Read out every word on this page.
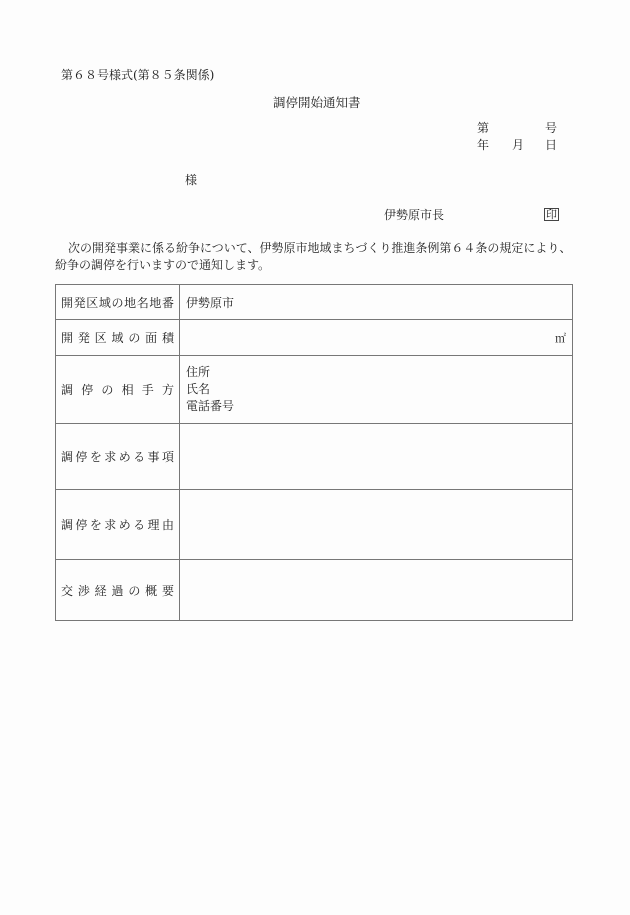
第６８号様式(第８５条関係)
調停開始通知書
第	号
年 月 日
様
伊勢原市長	印
次の開発事業に係る紛争について、伊勢原市地域まちづくり推進条例第６４条の規定により、紛争の調停を行いますので通知します。
開発区域の地名地番	伊勢原市
開発区域の面積	㎡

調停の相手方	住所
氏名
電話番号

調停を求める事項	
調停を求める理由	
交渉経過の概要	
